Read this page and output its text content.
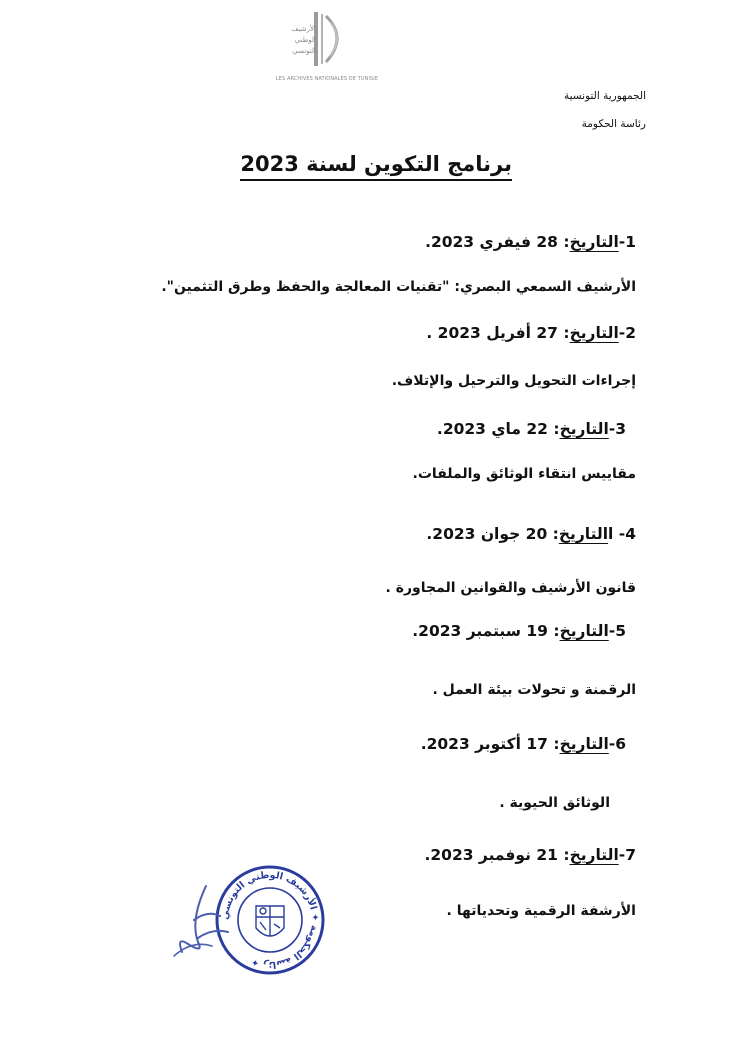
الأرشيف
الوطني
التونسي
LES ARCHIVES NATIONALES DE TUNISIE
الجمهورية التونسية
رئاسة الحكومة
برنامج التكوين لسنة 2023
1-التاريخ: 28 فيفري 2023.
الأرشيف السمعي البصري: "تقنيات المعالجة والحفظ وطرق التثمين".
2-التاريخ: 27 أفريل 2023 .
إجراءات التحويل والترحيل والإتلاف.
3-التاريخ: 22 ماي 2023.
مقاييس انتقاء الوثائق والملفات.
4- االتاريخ: 20 جوان 2023.
قانون الأرشيف والقوانين المجاورة .
5-التاريخ: 19 سبتمبر 2023.
الرقمنة و تحولات بيئة العمل .
6-التاريخ: 17 أكتوبر 2023.
الوثائق الحيوية .
7-التاريخ: 21 نوفمبر 2023.
الأرشفة الرقمية وتحدياتها .
رئاسة الحكومة ✦ الأرشيف الوطني التونسي ✦
